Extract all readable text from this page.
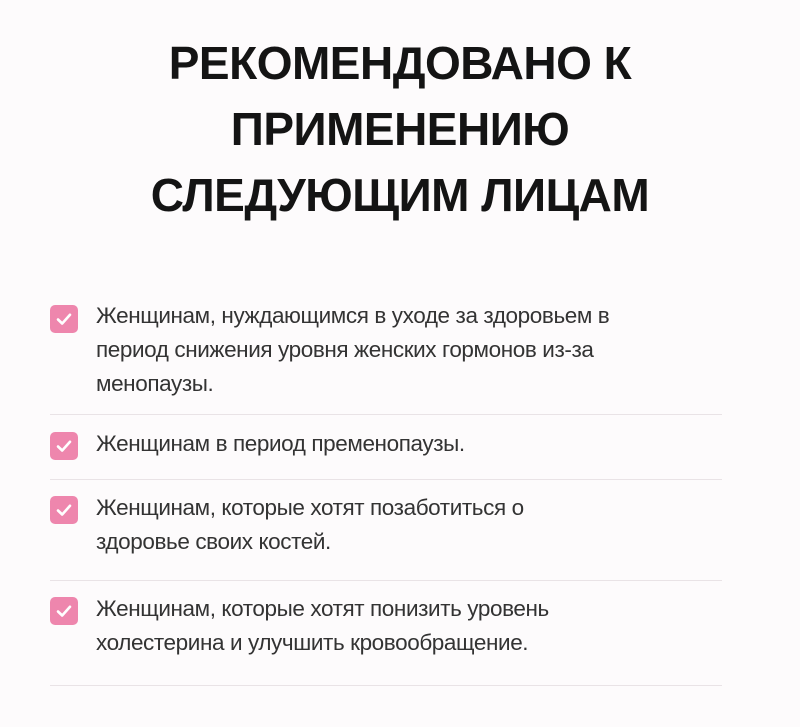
РЕКОМЕНДОВАНО К
ПРИМЕНЕНИЮ
СЛЕДУЮЩИМ ЛИЦАМ
Женщинам, нуждающимся в уходе за здоровьем в
период снижения уровня женских гормонов из-за
менопаузы.
Женщинам в период пременопаузы.
Женщинам, которые хотят позаботиться о
здоровье своих костей.
Женщинам, которые хотят понизить уровень
холестерина и улучшить кровообращение.
